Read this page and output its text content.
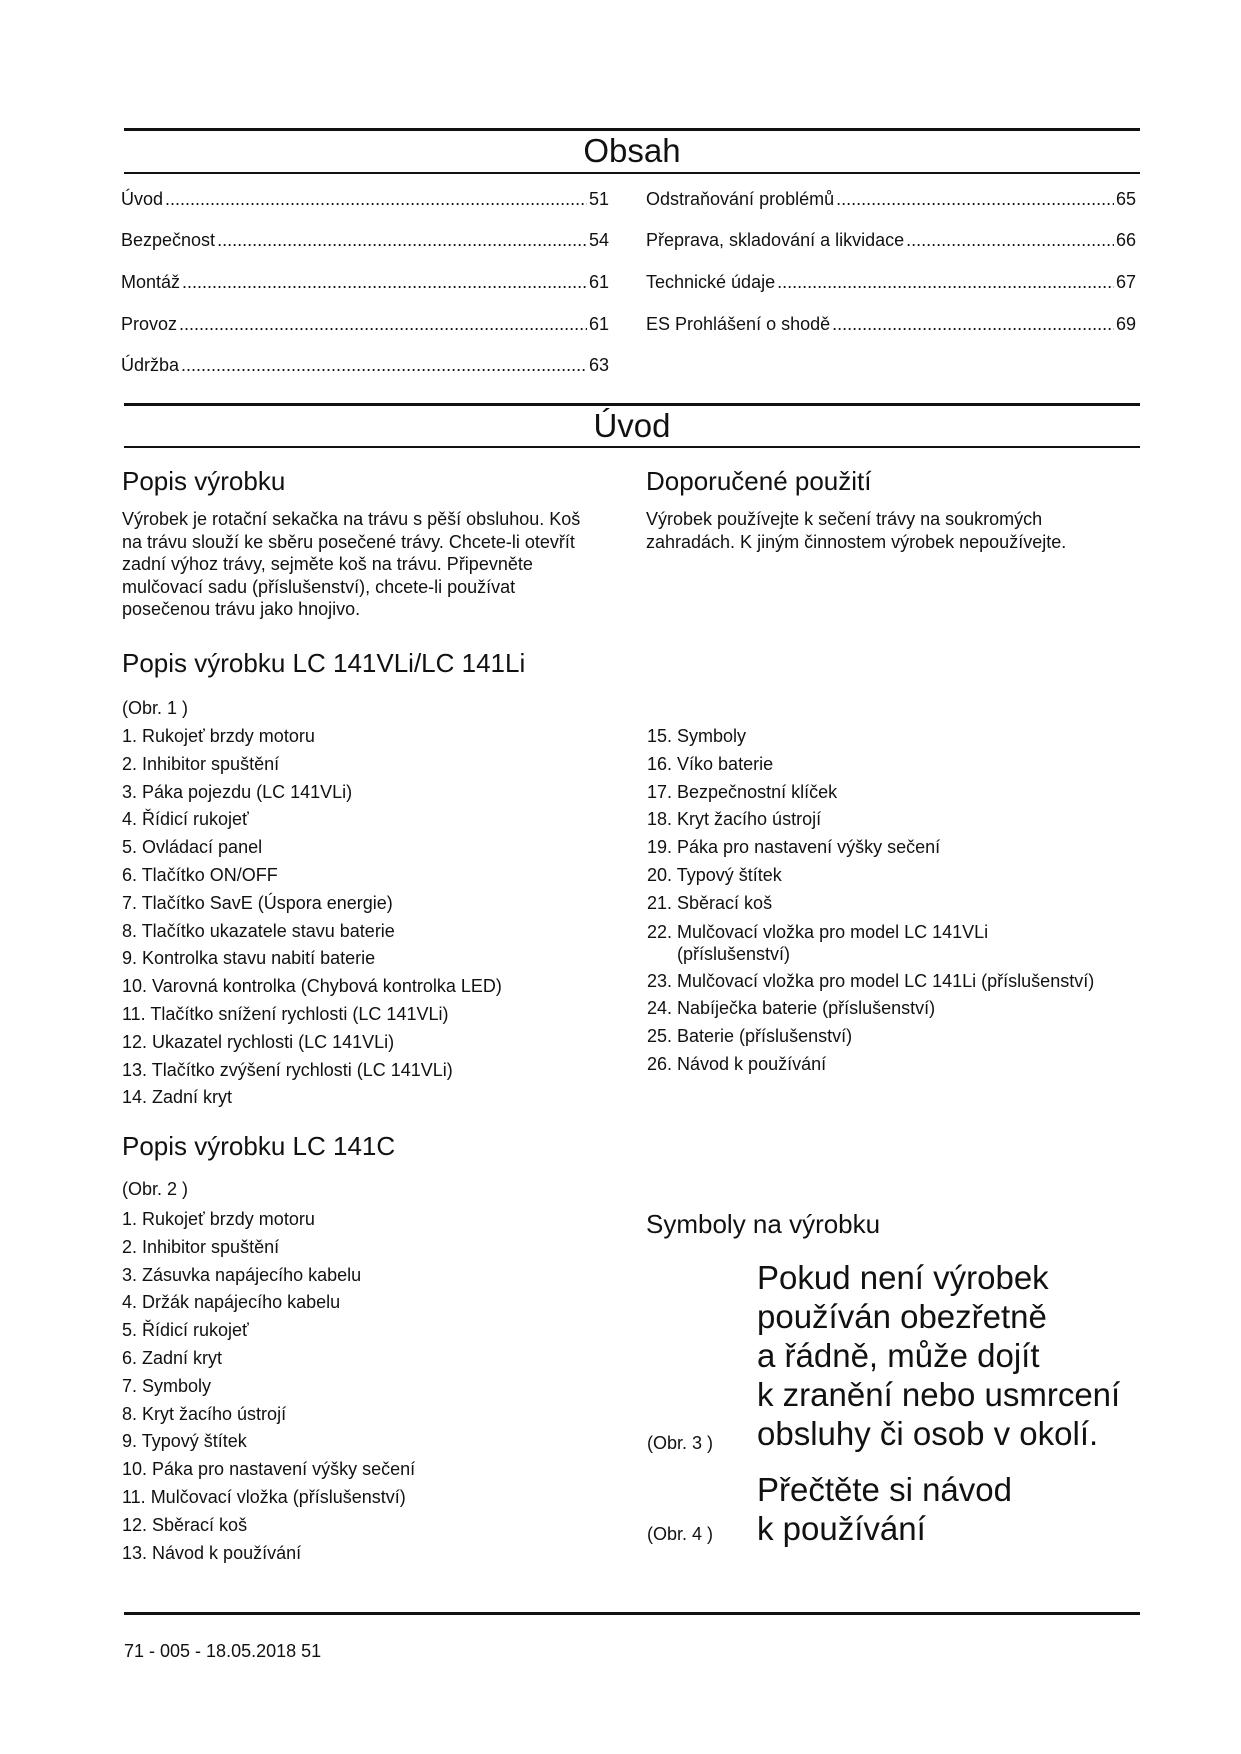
Obsah
Úvod .....	51
Bezpečnost .....	54
Montáž .....	61
Provoz .....	61
Údržba .....	63
Odstraňování problémů .....	65
Přeprava, skladování a likvidace .....	66
Technické údaje .....	67
ES Prohlášení o shodě .....	69
Úvod
Popis výrobku

Výrobek je rotační sekačka na trávu s pěší obsluhou. Koš na trávu slouží ke sběru posečené trávy. Chcete-li otevřít zadní výhoz trávy, sejměte koš na trávu. Připevněte mulčovací sadu (příslušenství), chcete-li používat posečenou trávu jako hnojivo.

Doporučené použití

Výrobek používejte k sečení trávy na soukromých zahradách. K jiným činnostem výrobek nepoužívejte.

Popis výrobku LC 141VLi/LC 141Li
(Obr. 1 )
1. Rukojeť brzdy motoru
2. Inhibitor spuštění
3. Páka pojezdu (LC 141VLi)
4. Řídicí rukojeť
5. Ovládací panel
6. Tlačítko ON/OFF
7. Tlačítko SavE (Úspora energie)
8. Tlačítko ukazatele stavu baterie
9. Kontrolka stavu nabití baterie
10. Varovná kontrolka (Chybová kontrolka LED)
11. Tlačítko snížení rychlosti (LC 141VLi)
12. Ukazatel rychlosti (LC 141VLi)
13. Tlačítko zvýšení rychlosti (LC 141VLi)
14. Zadní kryt
15. Symboly
16. Víko baterie
17. Bezpečnostní klíček
18. Kryt žacího ústrojí
19. Páka pro nastavení výšky sečení
20. Typový štítek
21. Sběrací koš
22. Mulčovací vložka pro model LC 141VLi
(příslušenství)
23. Mulčovací vložka pro model LC 141Li (příslušenství)
24. Nabíječka baterie (příslušenství)
25. Baterie (příslušenství)
26. Návod k používání
Popis výrobku LC 141C
(Obr. 2 )
1. Rukojeť brzdy motoru
2. Inhibitor spuštění
3. Zásuvka napájecího kabelu
4. Držák napájecího kabelu
5. Řídicí rukojeť
6. Zadní kryt
7. Symboly
8. Kryt žacího ústrojí
9. Typový štítek
10. Páka pro nastavení výšky sečení
11. Mulčovací vložka (příslušenství)
12. Sběrací koš
13. Návod k používání
Symboly na výrobku
Pokud není výrobek
používán obezřetně
a řádně, může dojít
k zranění nebo usmrcení
obsluhy či osob v okolí.
(Obr. 3 )
Přečtěte si návod
k používání
(Obr. 4 )
71 - 005 - 18.05.2018 51
